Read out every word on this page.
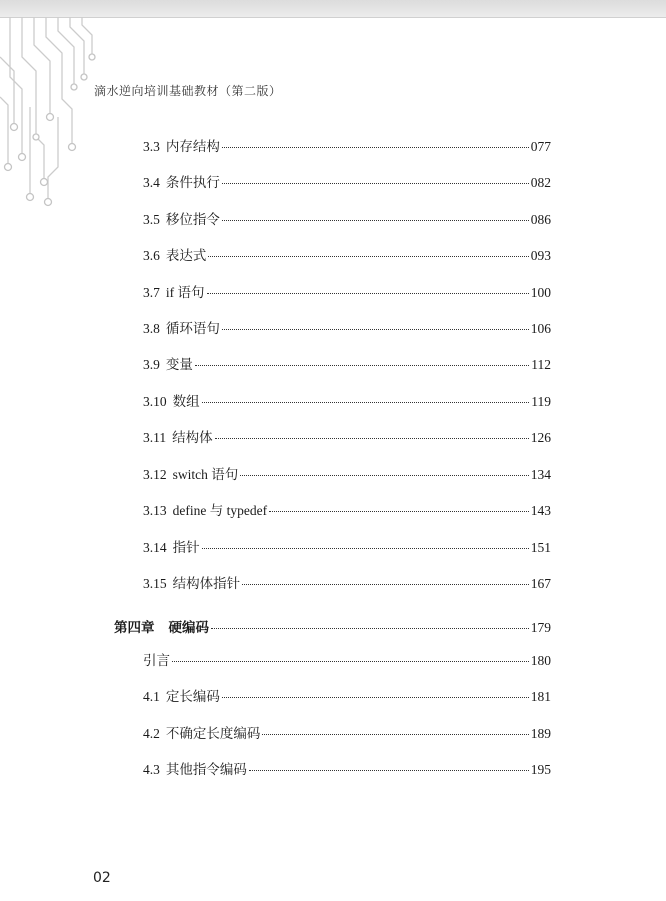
滴水逆向培训基础教材（第二版）
3.3 内存结构	077
3.4 条件执行	082
3.5 移位指令	086
3.6 表达式	093
3.7 if 语句	100
3.8 循环语句	106
3.9 变量	112
3.10 数组	119
3.11 结构体	126
3.12 switch 语句	134
3.13 define 与 typedef	143
3.14 指针	151
3.15 结构体指针	167
第四章 硬编码	179
引言	180
4.1 定长编码	181
4.2 不确定长度编码	189
4.3 其他指令编码	195
02
